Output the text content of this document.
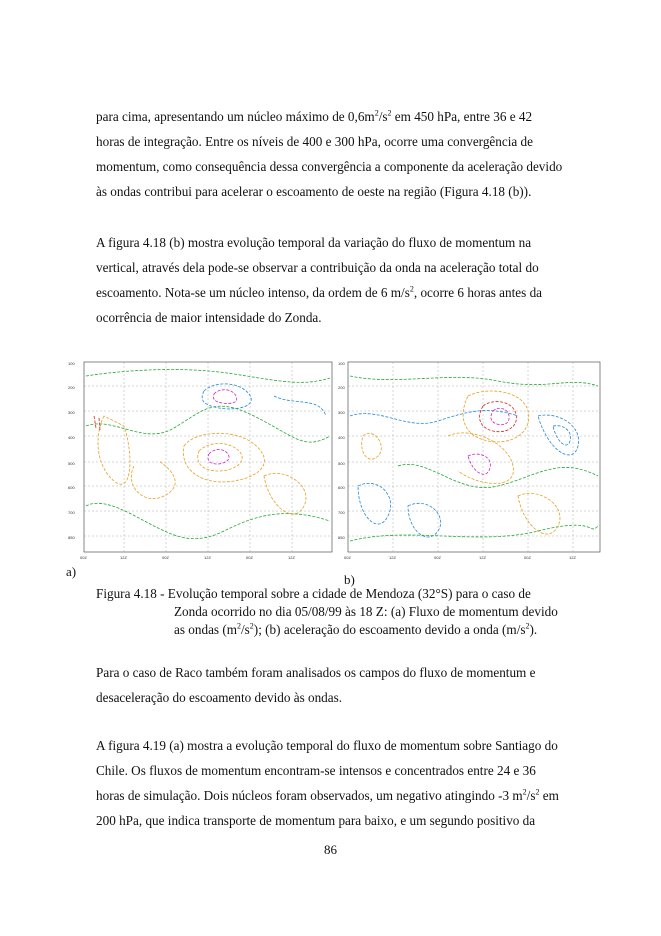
para cima, apresentando um núcleo máximo de $0,6m^2/s^2$ em 450 hPa, entre 36 e 42
horas de integração. Entre os níveis de 400 e 300 hPa, ocorre uma convergência de
momentum, como consequência dessa convergência a componente da aceleração devido
às ondas contribui para acelerar o escoamento de oeste na região (Figura 4.18 (b)).

A figura 4.18 (b) mostra evolução temporal da variação do fluxo de momentum na
vertical, através dela pode-se observar a contribuição da onda na aceleração total do
escoamento. Nota-se um núcleo intenso, da ordem de 6 $m/s^2$, ocorre 6 horas antes da
ocorrência de maior intensidade do Zonda.

100
200
300
400
500
600
700
850
00Z	12Z	00Z	12Z	00Z	12Z
100
200
300
400
500
600
700
850
00Z	12Z	00Z	12Z	00Z	12Z
a)
b)

Figura 4.18 - Evolução temporal sobre a cidade de Mendoza (32°S) para o caso de
Zonda ocorrido no dia 05/08/99 às 18 Z: (a) Fluxo de momentum devido
as ondas $(m^2/s^2)$; (b) aceleração do escoamento devido a onda $(m/s^2)$.

Para o caso de Raco também foram analisados os campos do fluxo de momentum e
desaceleração do escoamento devido às ondas.

A figura 4.19 (a) mostra a evolução temporal do fluxo de momentum sobre Santiago do
Chile. Os fluxos de momentum encontram-se intensos e concentrados entre 24 e 36
horas de simulação. Dois núcleos foram observados, um negativo atingindo -3 $m^2/s^2$ em
200 hPa, que indica transporte de momentum para baixo, e um segundo positivo da

86
